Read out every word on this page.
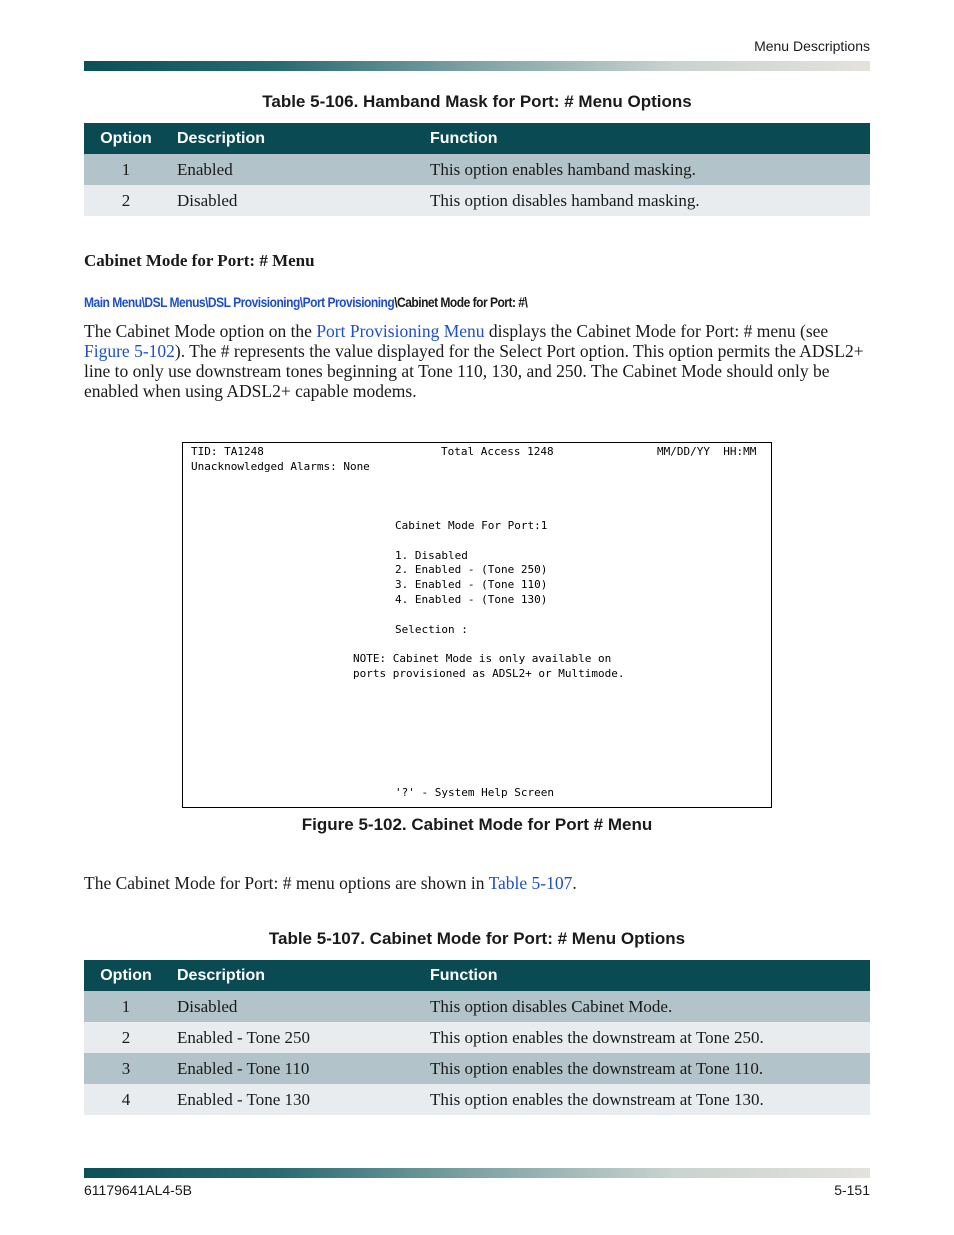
Menu Descriptions
Table 5-106. Hamband Mask for Port: # Menu Options
Option	Description	Function
1	Enabled	This option enables hamband masking.
2	Disabled	This option disables hamband masking.
Cabinet Mode for Port: # Menu
Main Menu\DSL Menus\DSL Provisioning\Port Provisioning\Cabinet Mode for Port: #\
The Cabinet Mode option on the Port Provisioning Menu displays the Cabinet Mode for Port: # menu (see Figure 5-102). The # represents the value displayed for the Select Port option. This option permits the ADSL2+ line to only use downstream tones beginning at Tone 110, 130, and 250. The Cabinet Mode should only be enabled when using ADSL2+ capable modems.
TID: TA1248	Total Access 1248	MM/DD/YY  HH:MM
Unacknowledged Alarms: None
Cabinet Mode For Port:1
1. Disabled
2. Enabled - (Tone 250)
3. Enabled - (Tone 110)
4. Enabled - (Tone 130)
Selection :
NOTE: Cabinet Mode is only available on
ports provisioned as ADSL2+ or Multimode.
'?' - System Help Screen
Figure 5-102. Cabinet Mode for Port # Menu
The Cabinet Mode for Port: # menu options are shown in Table 5-107.
Table 5-107. Cabinet Mode for Port: # Menu Options
Option	Description	Function
1	Disabled	This option disables Cabinet Mode.
2	Enabled - Tone 250	This option enables the downstream at Tone 250.
3	Enabled - Tone 110	This option enables the downstream at Tone 110.
4	Enabled - Tone 130	This option enables the downstream at Tone 130.
61179641AL4-5B	5-151
